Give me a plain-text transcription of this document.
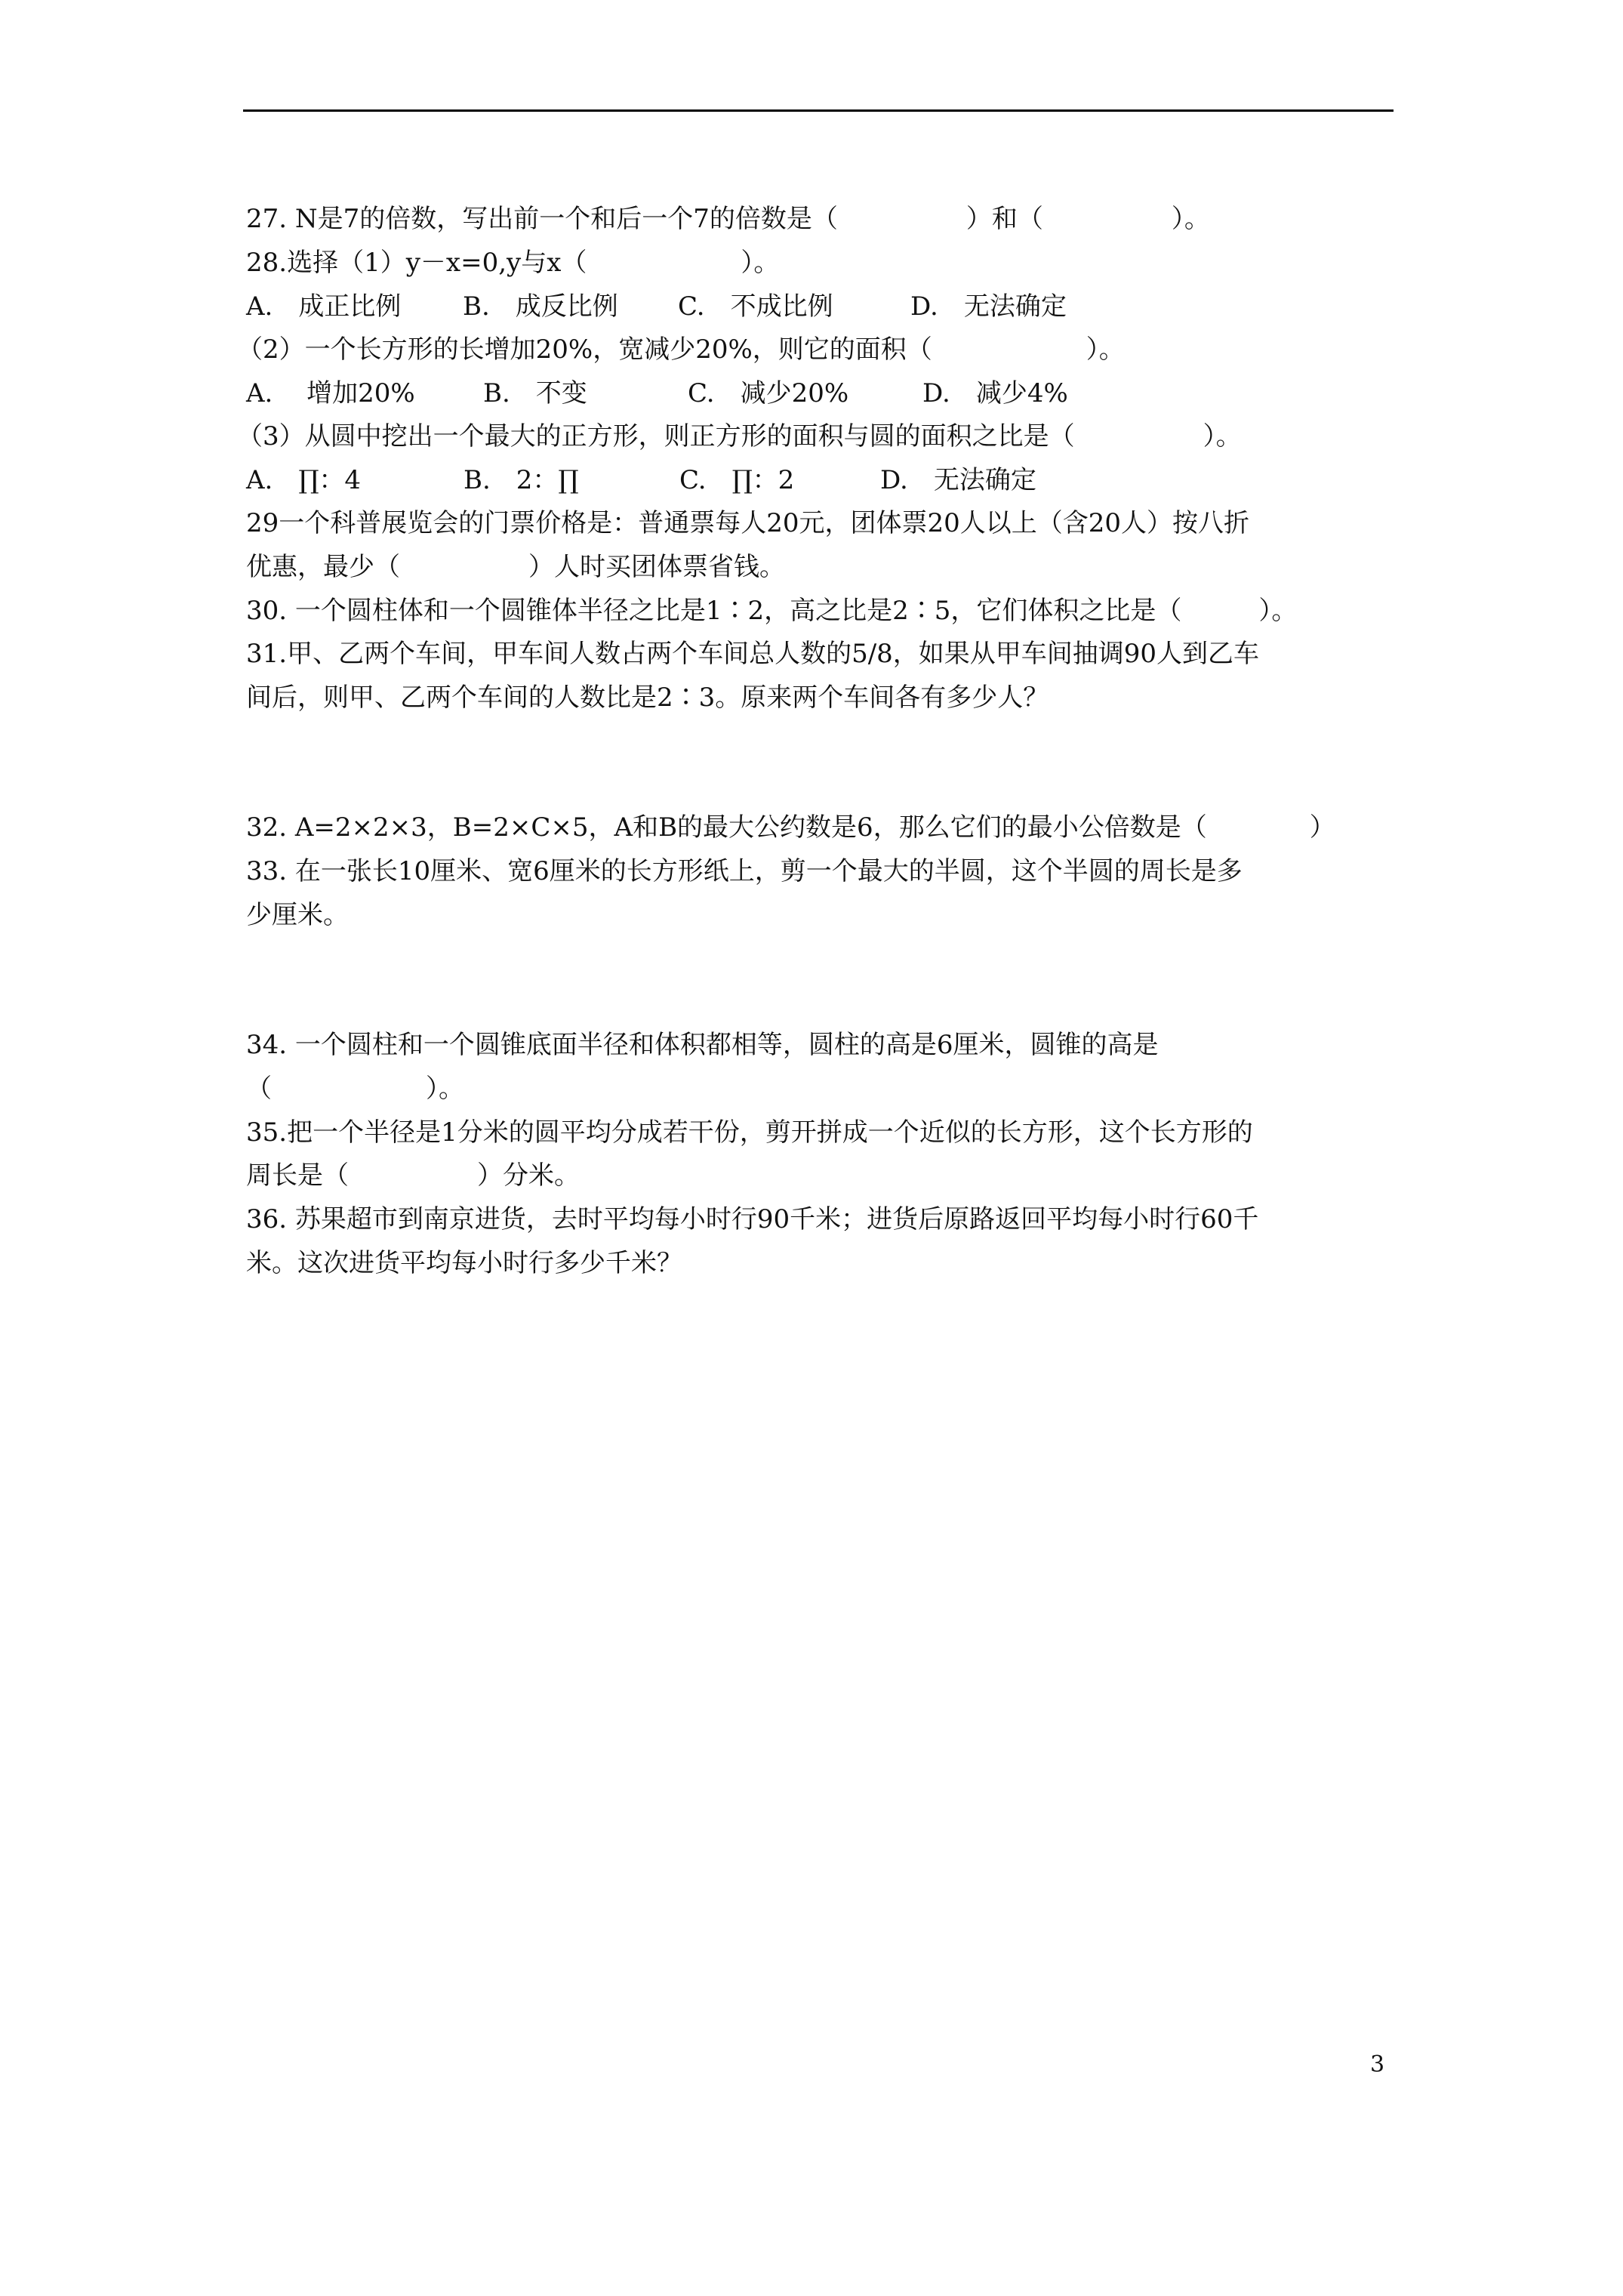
27. N是7的倍数，写出前一个和后一个7的倍数是（　　　　　）和（　　　　　）。
28.选择（1）y－x=0,y与x（　　　　　　）。
A.　成正比例 B.　成反比例 C.　不成比例	D.　无法确定
（2）一个长方形的长增加20%，宽减少20%，则它的面积（　　　　　　）。
A.　 增加20%	B.　不变	C.　减少20%	D.　减少4%
（3）从圆中挖出一个最大的正方形，则正方形的面积与圆的面积之比是（　　　　　）。
A.　∏：4	B.　2：∏	C.　∏：2	D.　无法确定
29一个科普展览会的门票价格是：普通票每人20元，团体票20人以上（含20人）按八折
优惠，最少（　　　　　）人时买团体票省钱。
30. 一个圆柱体和一个圆锥体半径之比是1∶2，高之比是2∶5，它们体积之比是（　　　）。
31.甲、乙两个车间，甲车间人数占两个车间总人数的5/8，如果从甲车间抽调90人到乙车
间后，则甲、乙两个车间的人数比是2∶3。原来两个车间各有多少人？
32. A=2×2×3，B=2×C×5，A和B的最大公约数是6，那么它们的最小公倍数是（　　　　）
33. 在一张长10厘米、宽6厘米的长方形纸上，剪一个最大的半圆，这个半圆的周长是多
少厘米。
34. 一个圆柱和一个圆锥底面半径和体积都相等，圆柱的高是6厘米，圆锥的高是
（　　　　　　）。
35.把一个半径是1分米的圆平均分成若干份，剪开拼成一个近似的长方形，这个长方形的
周长是（　　　　　）分米。
36. 苏果超市到南京进货，去时平均每小时行90千米；进货后原路返回平均每小时行60千
米。这次进货平均每小时行多少千米？
3
